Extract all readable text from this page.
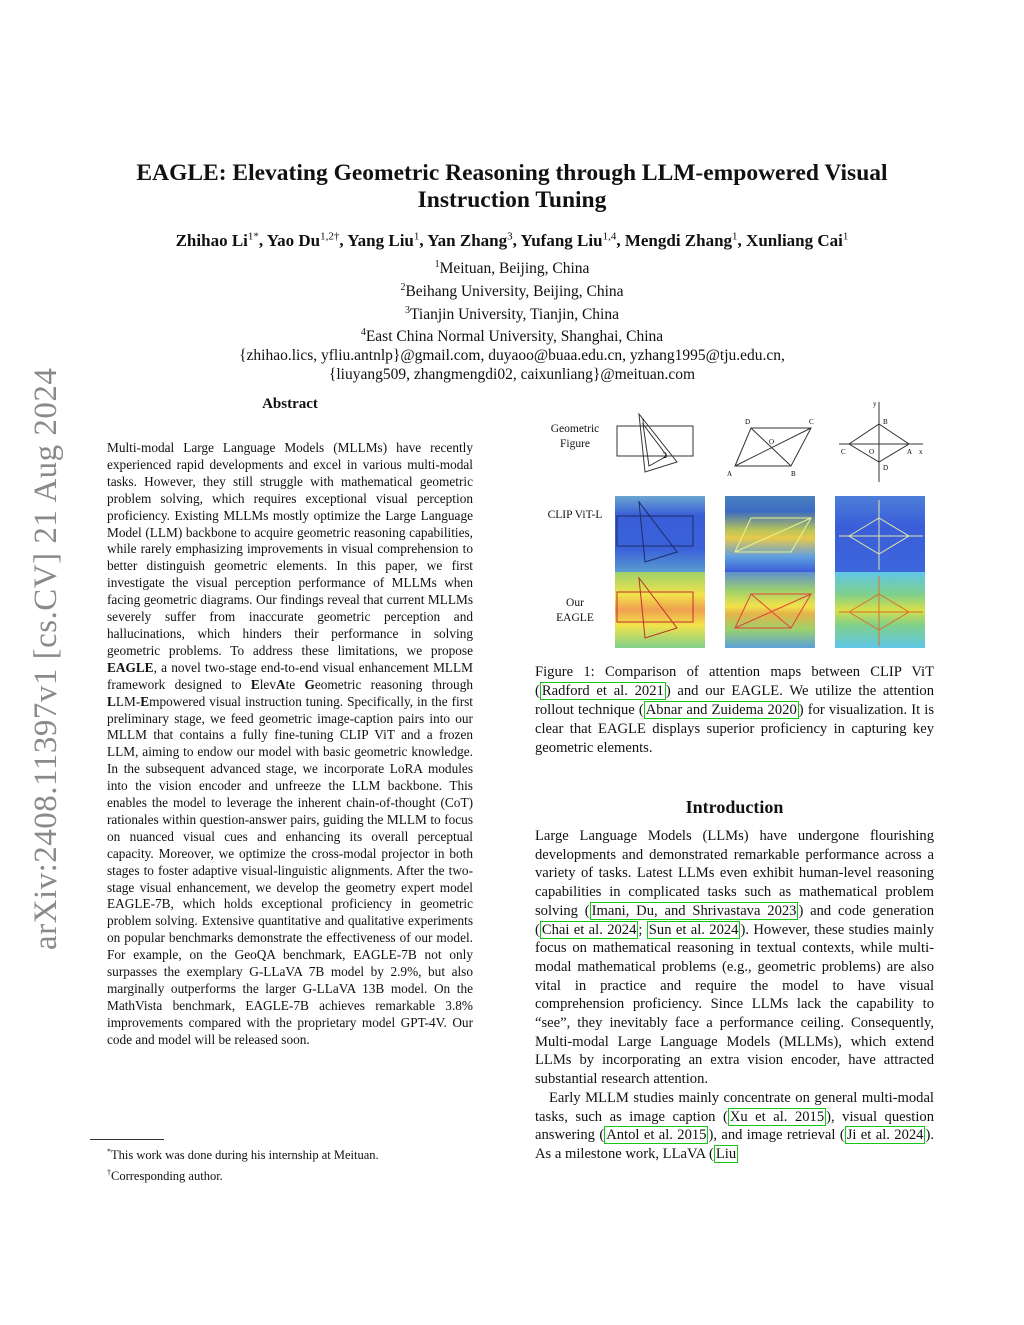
arXiv:2408.11397v1 [cs.CV] 21 Aug 2024
EAGLE: Elevating Geometric Reasoning through LLM-empowered Visual
Instruction Tuning
Zhihao $Li^{1*}$, Yao $Du^{1,2\dagger}$, Yang Liu$^1$, Yan Zhang$^3$, Yufang Liu$^{1,4}$, Mengdi Zhang$^1$, Xunliang Cai$^1$
$^1$Meituan, Beijing, China
$^2$Beihang University, Beijing, China
$^3$Tianjin University, Tianjin, China
$^4$East China Normal University, Shanghai, China
{zhihao.lics, yfliu.antnlp}@gmail.com, duyaoo@buaa.edu.cn, yzhang1995@tju.edu.cn,
{liuyang509, zhangmengdi02, caixunliang}@meituan.com
Abstract
Multi-modal Large Language Models (MLLMs) have recently experienced rapid developments and excel in various multi-modal tasks. However, they still struggle with mathematical geometric problem solving, which requires exceptional visual perception proficiency. Existing MLLMs mostly optimize the Large Language Model (LLM) backbone to acquire geometric reasoning capabilities, while rarely emphasizing improvements in visual comprehension to better distinguish geometric elements. In this paper, we first investigate the visual perception performance of MLLMs when facing geometric diagrams. Our findings reveal that current MLLMs severely suffer from inaccurate geometric perception and hallucinations, which hinders their performance in solving geometric problems. To address these limitations, we propose EAGLE, a novel two-stage end-to-end visual enhancement MLLM framework designed to ElevAte Geometric reasoning through LLM-Empowered visual instruction tuning. Specifically, in the first preliminary stage, we feed geometric image-caption pairs into our MLLM that contains a fully fine-tuning CLIP ViT and a frozen LLM, aiming to endow our model with basic geometric knowledge. In the subsequent advanced stage, we incorporate LoRA modules into the vision encoder and unfreeze the LLM backbone. This enables the model to leverage the inherent chain-of-thought (CoT) rationales within question-answer pairs, guiding the MLLM to focus on nuanced visual cues and enhancing its overall perceptual capacity. Moreover, we optimize the cross-modal projector in both stages to foster adaptive visual-linguistic alignments. After the two-stage visual enhancement, we develop the geometry expert model EAGLE-7B, which holds exceptional proficiency in geometric problem solving. Extensive quantitative and qualitative experiments on popular benchmarks demonstrate the effectiveness of our model. For example, on the GeoQA benchmark, EAGLE-7B not only surpasses the exemplary G-LLaVA 7B model by 2.9%, but also marginally outperforms the larger G-LLaVA 13B model. On the MathVista benchmark, EAGLE-7B achieves remarkable 3.8% improvements compared with the proprietary model GPT-4V. Our code and model will be released soon.

*This work was done during his internship at Meituan.

†Corresponding author.

Geometric
Figure
CLIP ViT-L
Our
EAGLE
1
2
A	B
C
D
O
y
B
C	O	A x
D
Figure 1: Comparison of attention maps between CLIP ViT ( Radford et al. 2021 ) and our EAGLE. We utilize the attention rollout technique ( Abnar and Zuidema 2020 ) for visualization. It is clear that EAGLE displays superior proficiency in capturing key geometric elements.
Introduction

Large Language Models (LLMs) have undergone flourishing developments and demonstrated remarkable performance across a variety of tasks. Latest LLMs even exhibit human-level reasoning capabilities in complicated tasks such as mathematical problem solving ( Imani, Du, and Shrivastava 2023 ) and code generation ( Chai et al. 2024 ; Sun et al. 2024 ). However, these studies mainly focus on mathematical reasoning in textual contexts, while multi-modal mathematical problems (e.g., geometric problems) are also vital in practice and require the model to have visual comprehension proficiency. Since LLMs lack the capability to “see”, they inevitably face a performance ceiling. Consequently, Multi-modal Large Language Models (MLLMs), which extend LLMs by incorporating an extra vision encoder, have attracted substantial research attention.

Early MLLM studies mainly concentrate on general multi-modal tasks, such as image caption ( Xu et al. 2015 ), visual question answering ( Antol et al. 2015 ), and image retrieval ( Ji et al. 2024 ). As a milestone work, LLaVA ( Liu
